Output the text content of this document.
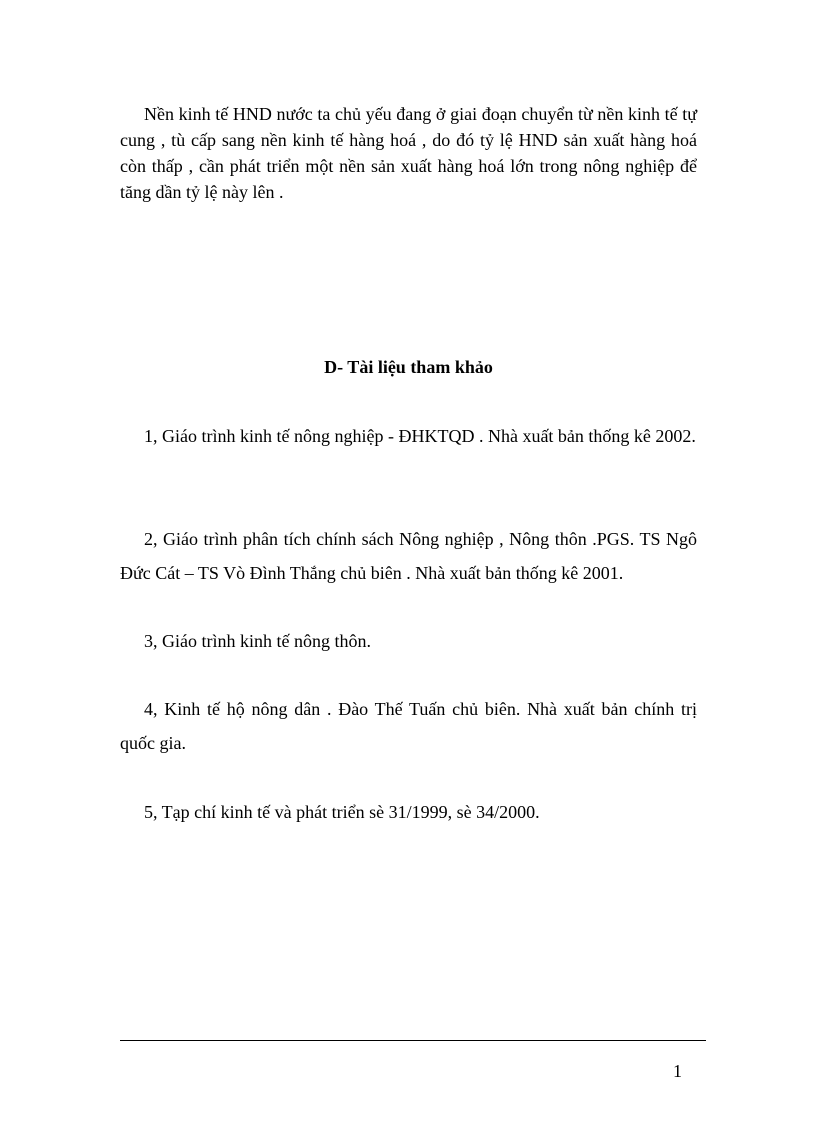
Nền kinh tế HND nước ta chủ yếu đang ở giai đoạn chuyển từ nền kinh tế tự cung , tù cấp sang nền kinh tế hàng hoá , do đó tỷ lệ HND sản xuất hàng hoá còn thấp , cần phát triển một nền sản xuất hàng hoá lớn trong nông nghiệp để tăng dần tỷ lệ này lên .

D- Tài liệu tham khảo

1, Giáo trình kinh tế nông nghiệp - ĐHKTQD . Nhà xuất bản thống kê 2002.

2, Giáo trình phân tích chính sách Nông nghiệp , Nông thôn .PGS. TS Ngô Đức Cát – TS Vò Đình Thắng chủ biên . Nhà xuất bản thống kê 2001.

3, Giáo trình kinh tế nông thôn.

4, Kinh tế hộ nông dân . Đào Thế Tuấn chủ biên. Nhà xuất bản chính trị quốc gia.

5, Tạp chí kinh tế và phát triển sè 31/1999, sè 34/2000.

1
